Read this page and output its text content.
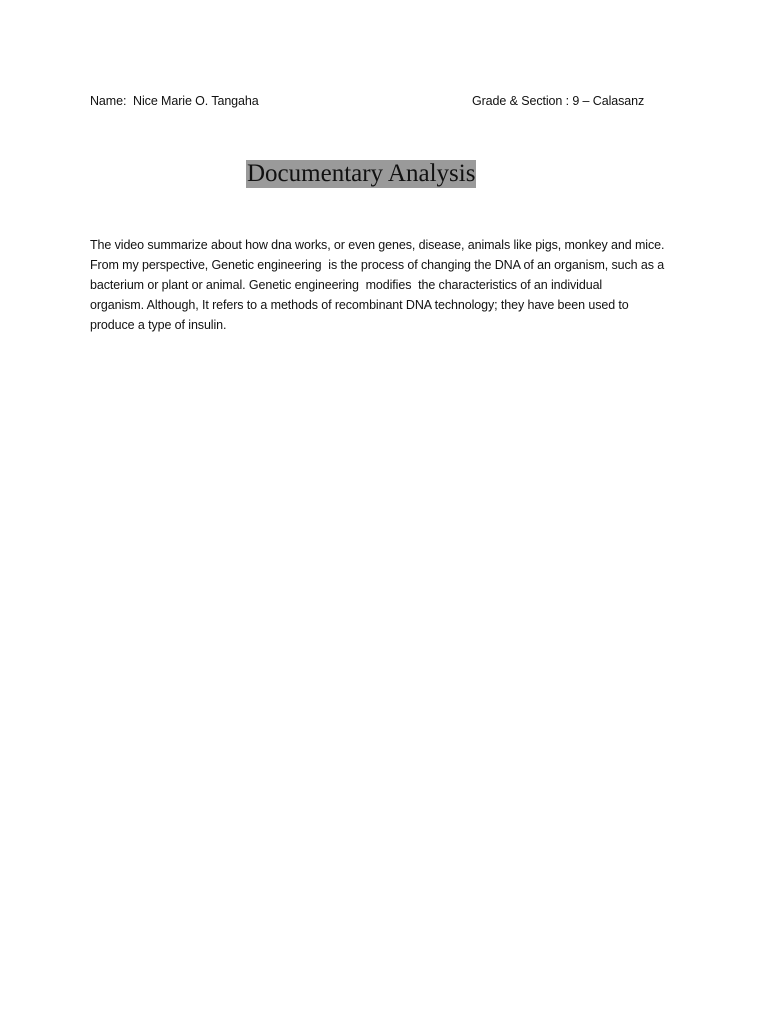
Name:  Nice Marie O. Tangaha	Grade & Section : 9 – Calasanz
Documentary Analysis
The video summarize about how dna works, or even genes, disease, animals like pigs, monkey and mice.
From my perspective, Genetic engineering  is the process of changing the DNA of an organism, such as a
bacterium or plant or animal. Genetic engineering  modifies  the characteristics of an individual
organism. Although, It refers to a methods of recombinant DNA technology; they have been used to
produce a type of insulin.
